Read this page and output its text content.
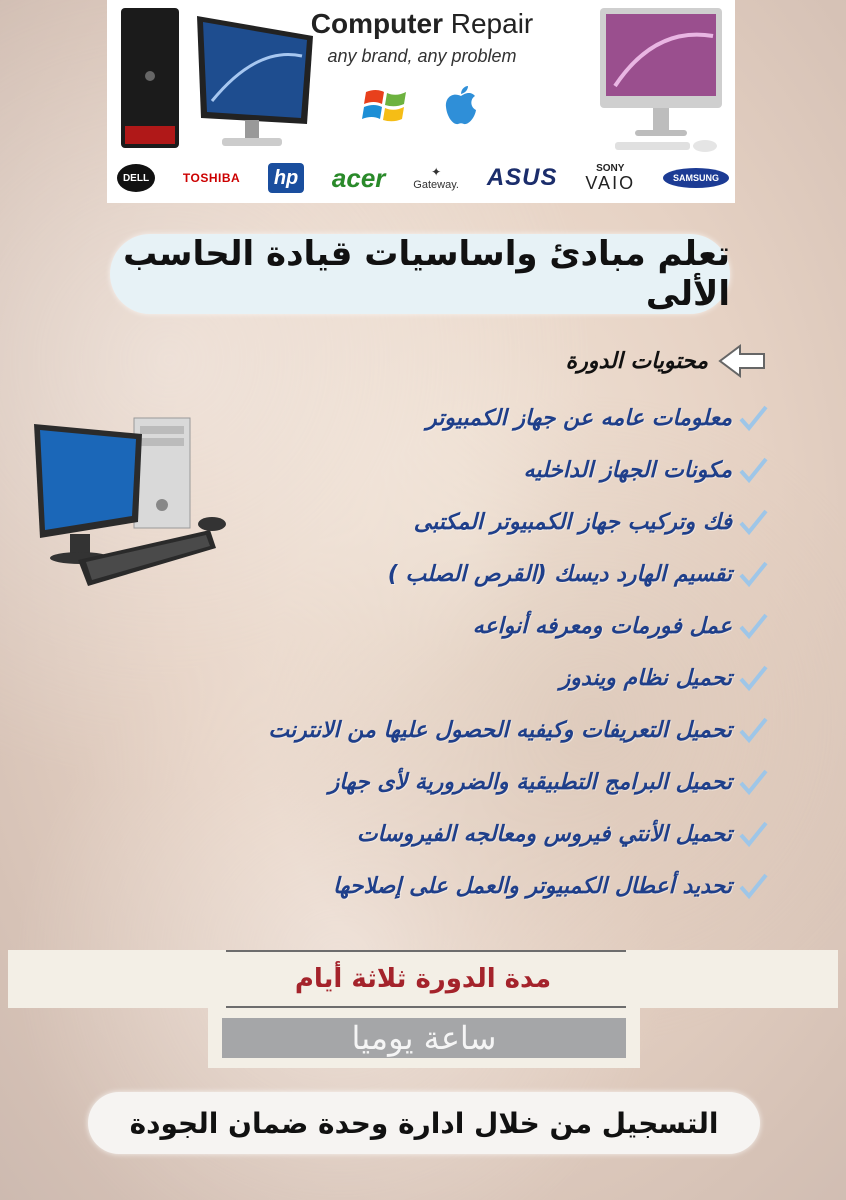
Computer Repair
any brand, any problem
DELL	TOSHIBA hp acer	✦
Gateway. ASUS	SONY
VAIO	SAMSUNG
تعلم مبادئ واساسيات قيادة الحاسب الألى
محتويات الدورة
معلومات عامه عن جهاز الكمبيوتر
مكونات الجهاز الداخليه
فك وتركيب جهاز الكمبيوتر المكتبى
تقسيم الهارد ديسك (القرص الصلب )
عمل فورمات ومعرفه أنواعه
تحميل نظام ويندوز
تحميل التعريفات وكيفيه الحصول عليها من الانترنت
تحميل البرامج التطبيقية والضرورية لأى جهاز
تحميل الأنتي فيروس ومعالجه الفيروسات
تحديد أعطال الكمبيوتر والعمل على إصلاحها
مدة الدورة ثلاثة أيام
ساعة يوميا
التسجيل من خلال ادارة وحدة ضمان الجودة
